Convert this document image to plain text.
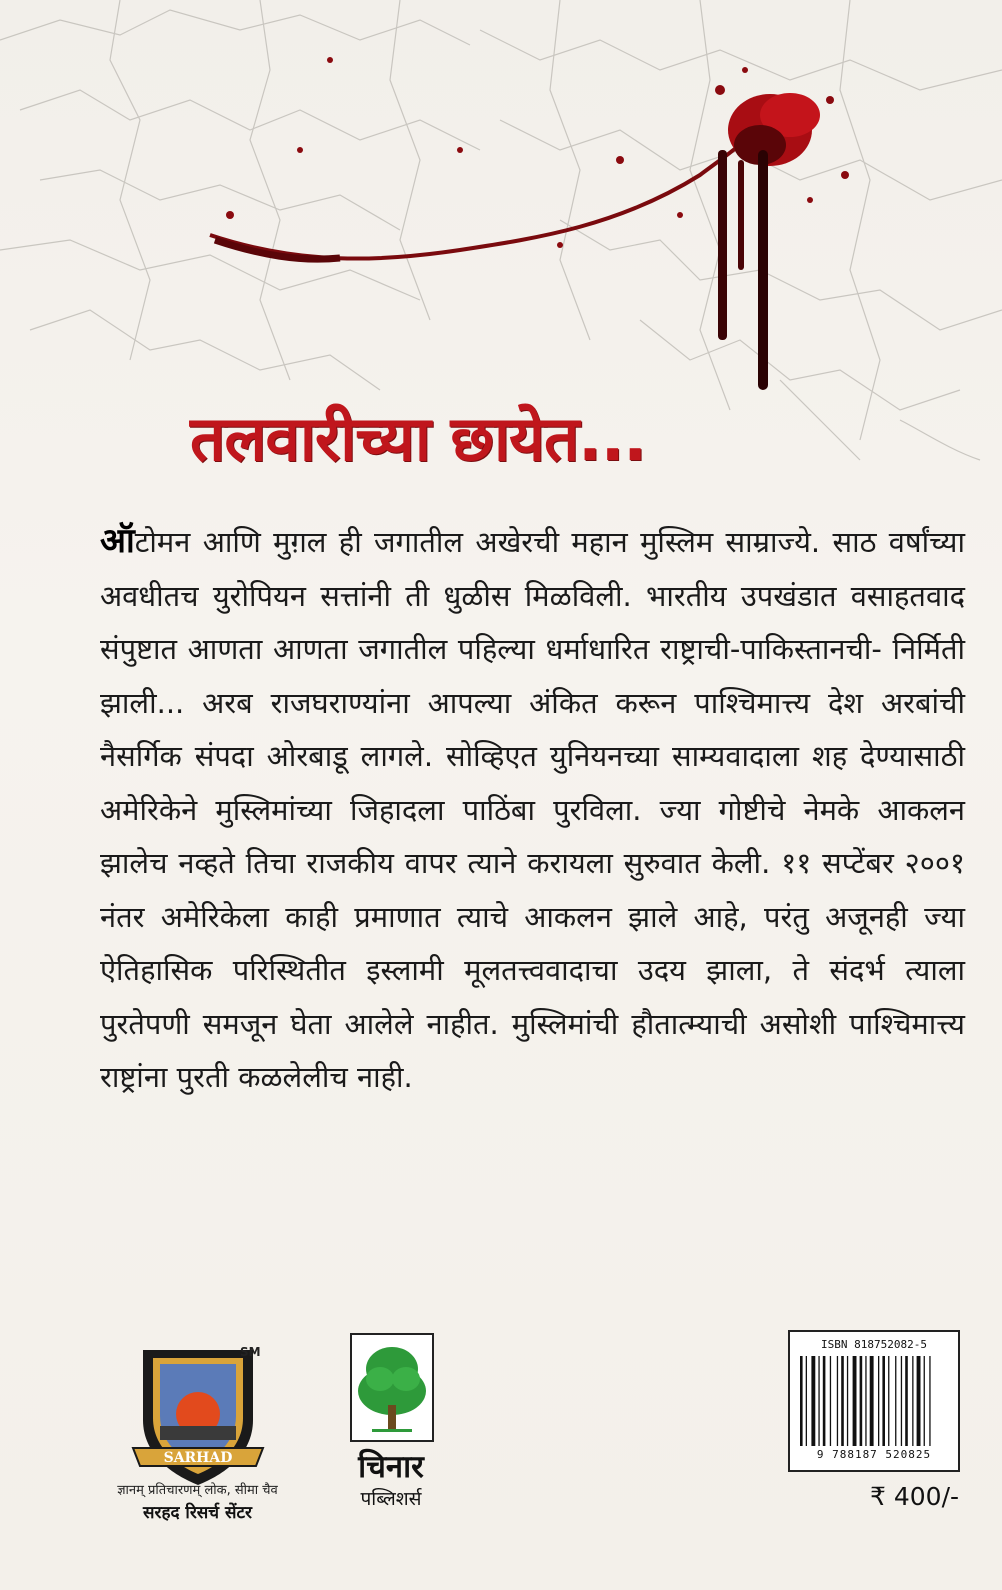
तलवारीच्या छायेत...
ऑटोमन आणि मुग़ल ही जगातील अखेरची महान मुस्लिम साम्राज्ये. साठ वर्षांच्या अवधीतच युरोपियन सत्तांनी ती धुळीस मिळविली. भारतीय उपखंडात वसाहतवाद संपुष्टात आणता आणता जगातील पहिल्या धर्माधारित राष्ट्राची-पाकिस्तानची- निर्मिती झाली... अरब राजघराण्यांना आपल्या अंकित करून पाश्चिमात्त्य देश अरबांची नैसर्गिक संपदा ओरबाडू लागले. सोव्हिएत युनियनच्या साम्यवादाला शह देण्यासाठी अमेरिकेने मुस्लिमांच्या जिहादला पाठिंबा पुरविला. ज्या गोष्टीचे नेमके आकलन झालेच नव्हते तिचा राजकीय वापर त्याने करायला सुरुवात केली. ११ सप्टेंबर २००१ नंतर अमेरिकेला काही प्रमाणात त्याचे आकलन झाले आहे, परंतु अजूनही ज्या ऐतिहासिक परिस्थितीत इस्लामी मूलतत्त्ववादाचा उदय झाला, ते संदर्भ त्याला पुरतेपणी समजून घेता आलेले नाहीत. मुस्लिमांची हौतात्म्याची असोशी पाश्चिमात्त्य राष्ट्रांना पुरती कळलेलीच नाही.
SARHAD
SM
ज्ञानम् प्रतिचारणम् लोक, सीमा चैव
सरहद रिसर्च सेंटर
चिनार
पब्लिशर्स
ISBN 818752082-5
9 788187 520825
₹ 400/-
